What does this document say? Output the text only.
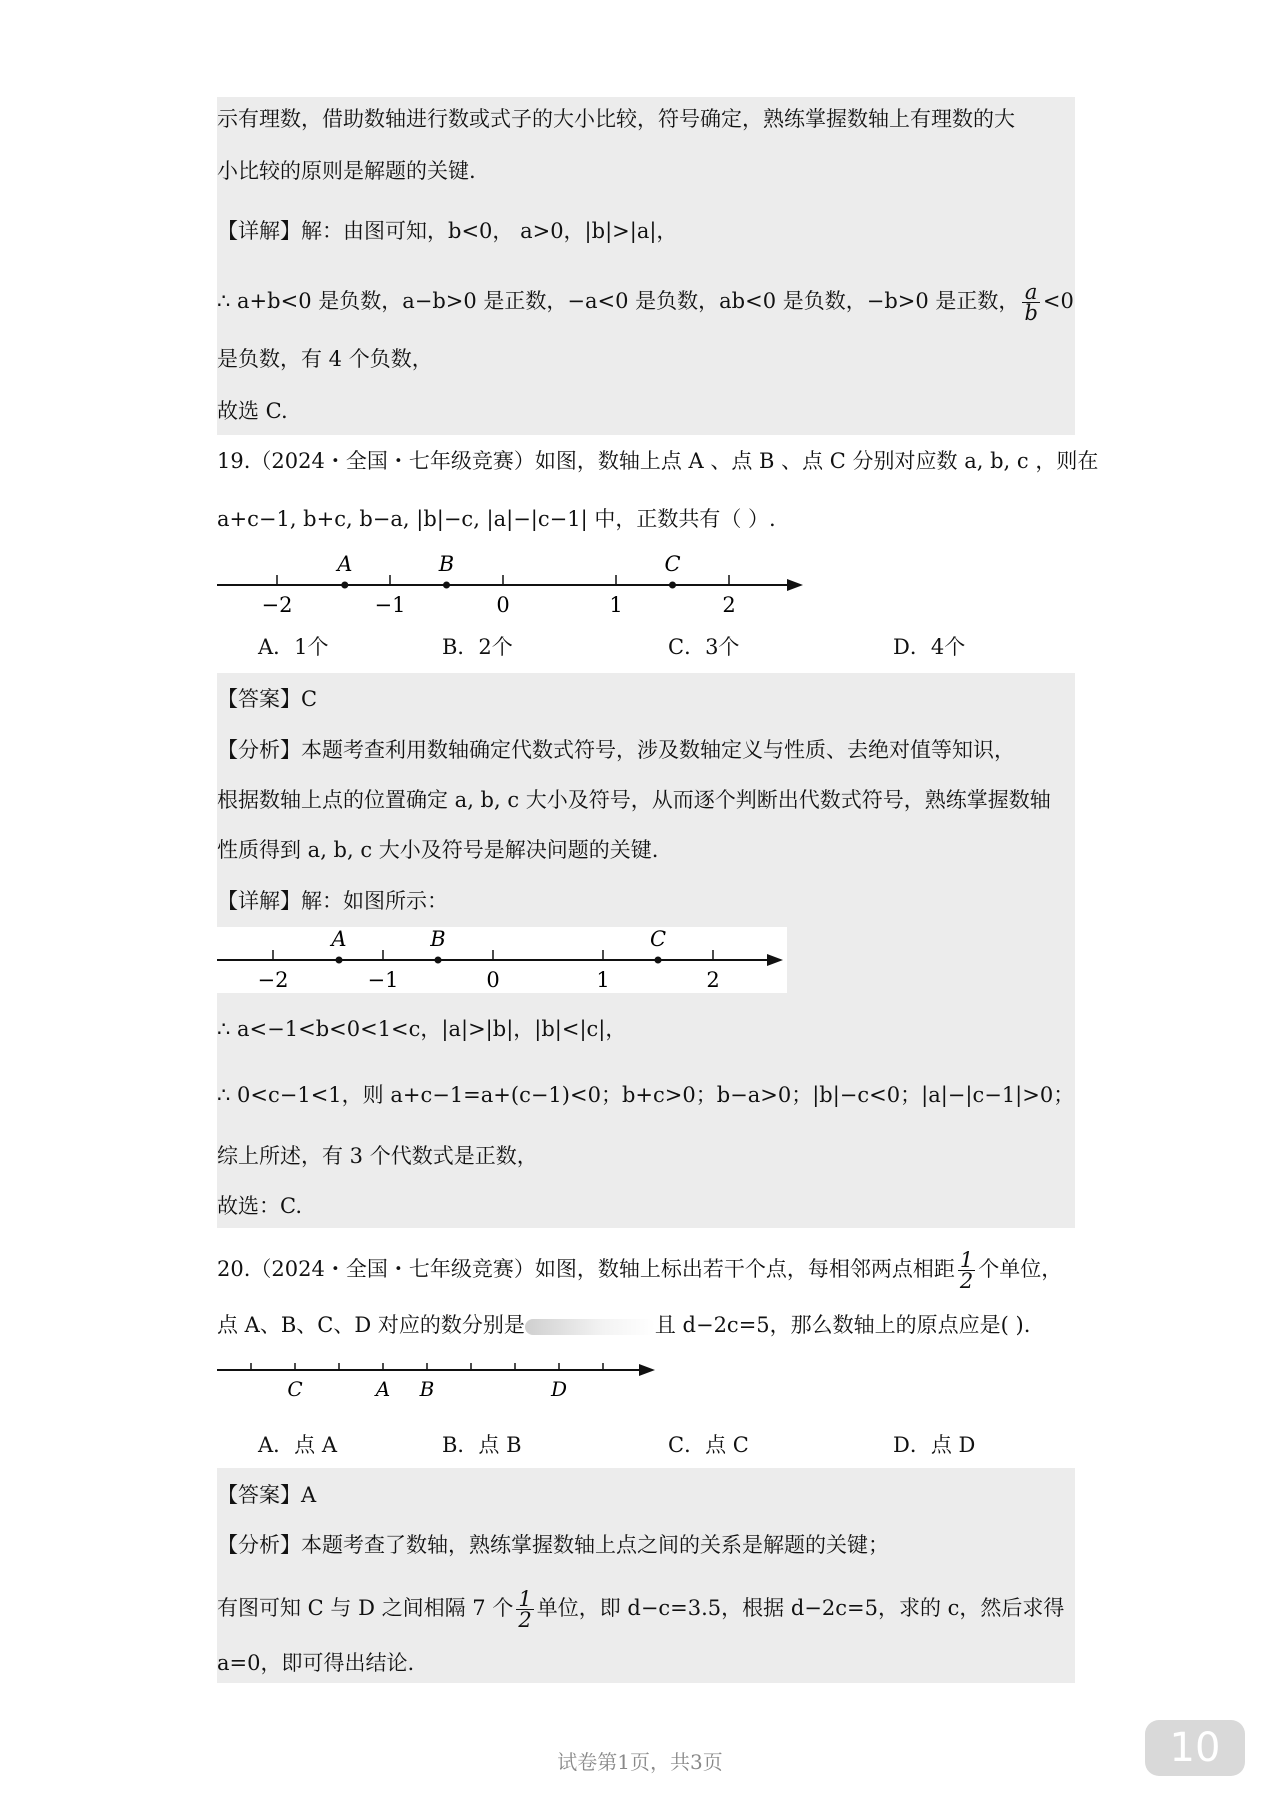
示有理数，借助数轴进行数或式子的大小比较，符号确定，熟练掌握数轴上有理数的大
小比较的原则是解题的关键.
【详解】解：由图可知，b<0， a>0，|b|>|a|，
∴ a+b<0 是负数，a−b>0 是正数，−a<0 是负数，ab<0 是负数，−b>0 是正数， $\frac{a}{b} <0$
是负数，有 4 个负数，
故选 C.
19.（2024・全国・七年级竞赛）如图，数轴上点 A 、点 B 、点 C 分别对应数 a, b, c ，则在
a+c−1, b+c, b−a, |b|−c, |a|−|c−1| 中，正数共有（ ）.
−2	−1	0	1	2
A	B	C
A．1个	B．2个	C．3个	D．4个
【答案】C
【分析】本题考查利用数轴确定代数式符号，涉及数轴定义与性质、去绝对值等知识，
根据数轴上点的位置确定 a, b, c 大小及符号，从而逐个判断出代数式符号，熟练掌握数轴
性质得到 a, b, c 大小及符号是解决问题的关键.
【详解】解：如图所示：
−2	−1	0	1	2
A	B	C
∴ a<−1<b<0<1<c，|a|>|b|，|b|<|c|，
∴ 0<c−1<1，则 a+c−1=a+(c−1)<0；b+c>0；b−a>0；|b|−c<0；|a|−|c−1|>0；
综上所述，有 3 个代数式是正数，
故选：C.
20.（2024・全国・七年级竞赛）如图，数轴上标出若干个点，每相邻两点相距 $\frac{1}{2}$ 个单位，
点 A、B、C、D 对应的数分别是	且 d−2c=5，那么数轴上的原点应是( ).
C	A B	D
A．点 A	B．点 B	C．点 C	D．点 D
【答案】A
【分析】本题考查了数轴，熟练掌握数轴上点之间的关系是解题的关键；
有图可知 C 与 D 之间相隔 7 个 $\frac{1}{2}$ 单位，即 d−c=3.5，根据 d−2c=5，求的 c，然后求得
a=0，即可得出结论.
试卷第1页，共3页	10
